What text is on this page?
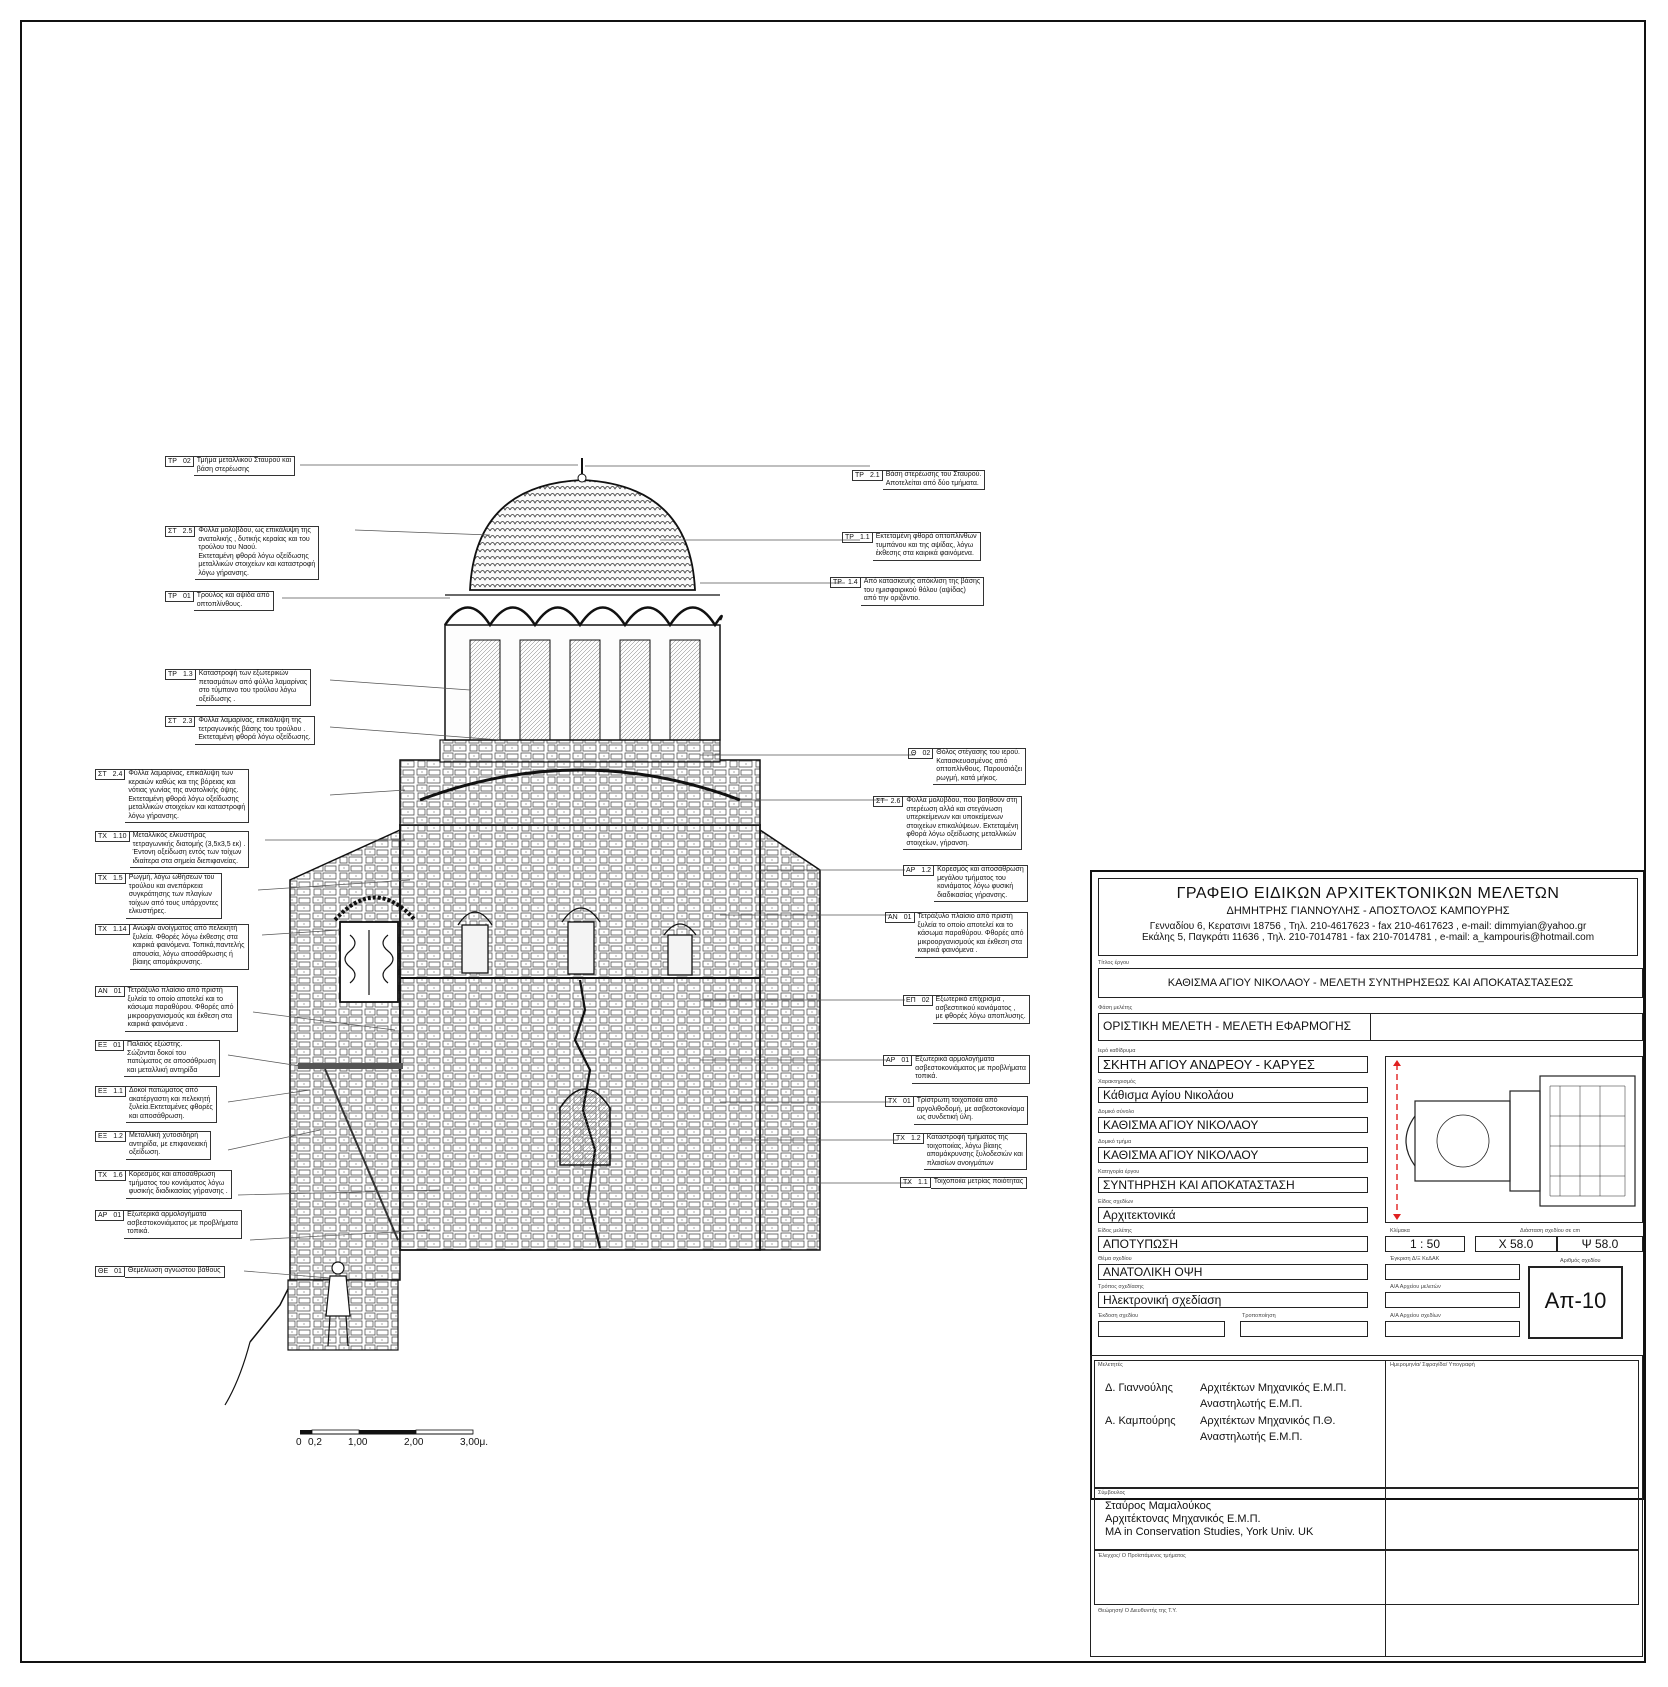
0 0,2	1,00	2,00	3,00μ.
ΤΡ 02 Τμήμα μεταλλικού Σταυρού και
βάση στερέωσης
ΣΤ 2.5 Φύλλα μολύβδου, ως επικάλυψη της
ανατολικής , δυτικής κεραίας και του
τρούλου του Ναού.
Εκτεταμένη φθορά λόγω οξείδωσης
μεταλλικών στοιχείων και καταστροφή
λόγω γήρανσης.
ΤΡ 01 Τρούλος και αψίδα από
οπτοπλίνθους.
ΤΡ 1.3 Καταστροφή των εξωτερικών
πετασμάτων από φύλλα λαμαρίνας
στο τύμπανο του τρούλου λόγω
οξείδωσης .
ΣΤ 2.3 Φύλλα λαμαρίνας, επικάλυψη της
τετραγωνικής βάσης του τρούλου .
Εκτεταμένη φθορά λόγω οξείδωσης.
ΣΤ 2.4 Φύλλα λαμαρίνας, επικάλυψη των
κεραιών καθώς και της βόρειας και
νότιας γωνίας της ανατολικής όψης.
Εκτεταμένη φθορά λόγω οξείδωσης
μεταλλικών στοιχείων και καταστροφή
λόγω γήρανσης.
ΤΧ 1.10 Μεταλλικός ελκυστήρας
τετραγωνικής διατομής (3,5x3,5 εκ) .
Έντονη οξείδωση εντός των τοίχων
ιδιαίτερα στα σημεία διεπιφανείας.
ΤΧ 1.5 Ρωγμή, λόγω ωθήσεων του
τρούλου και ανεπάρκεια
συγκράτησης των πλαγίων
τοίχων από τους υπάρχοντες
ελκυστήρες.
ΤΧ 1.14 Ανώφλι ανοίγματος από πελεκητή
ξυλεία. Φθορές λόγω έκθεσης στα
καιρικά φαινόμενα. Τοπικά,παντελής
απουσία, λόγω αποσάθρωσης ή
βίαιης απομάκρυνσης.
ΑΝ 01 Τετράξυλο πλαίσιο από πριστή
ξυλεία το οποίο αποτελεί και το
κάσωμα παραθύρου. Φθορές από
μικροοργανισμούς και έκθεση στα
καιρικά φαινόμενα .
ΕΞ 01 Παλαιός εξώστης.
Σώζονται δοκοί του
πατώματος σε αποσάθρωση
και μεταλλική αντηρίδα
ΕΞ 1.1 Δοκοί πατώματος από
ακατέργαστη και πελεκητή
ξυλεία.Εκτεταμένες φθορές
και αποσάθρωση.
ΕΞ 1.2 Μεταλλική χυτοσιδηρή
αντηρίδα, με επιφανειακή
οξείδωση.
ΤΧ 1.6 Κορεσμός και αποσάθρωση
τμήματος του κονιάματος λόγω
φυσικής διαδικασίας γήρανσης .
ΑΡ 01 Εξωτερικά αρμολογήματα
ασβεστοκονιάματος με προβλήματα
τοπικά.
ΘΕ 01 Θεμελίωση αγνώστου βάθους
ΤΡ 2.1 Βάση στερέωσης του Σταυρού.
Αποτελείται από δύο τμήματα.
ΤΡ 1.1 Εκτεταμένη φθορά οπτοπλίνθων
τυμπάνου και της αψίδας, λόγω
έκθεσης στα καιρικά φαινόμενα.
ΤΡ 1.4 Από κατασκευής απόκλιση της βάσης
του ημισφαιρικού θόλου (αψίδας)
από την οριζόντιο.
Θ 02 Θόλος στέγασης του ιερού.
Κατασκευασμένος από
οπτοπλίνθους. Παρουσιάζει
ρωγμή, κατά μήκος.
ΣΤ 2.6 Φύλλα μολύβδου, που βοηθούν στη
στερέωση αλλά και στεγάνωση
υπερκείμενων και υποκείμενων
στοιχείων επικαλύψεων. Εκτεταμένη
φθορά λόγω οξείδωσης μεταλλικών
στοιχείων, γήρανση.
ΑΡ 1.2 Κορεσμός και αποσάθρωση
μεγάλου τμήματος του
κονιάματος λόγω φυσική
διαδικασίας γήρανσης.
ΑΝ 01 Τετράξυλο πλαίσιο από πριστή
ξυλεία το οποίο αποτελεί και το
κάσωμα παραθύρου. Φθορές από
μικροοργανισμούς και έκθεση στα
καιρικά φαινόμενα .
ΕΠ 02 Εξωτερικό επίχρισμα ,
ασβεστιτικού κονιάματος ,
με φθορές λόγω αποπλυσης.
ΑΡ 01 Εξωτερικά αρμολογήματα
ασβεστοκονιάματος με προβλήματα
τοπικά.
ΤΧ 01 Τρίστρωτη τοιχοποιία από
αργολιθοδομή, με ασβεστοκονίαμα
ως συνδετική ύλη.
ΤΧ 1.2 Καταστροφή τμήματος της
τοιχοποιίας, λόγω βίαιης
απομάκρυνσης ξυλοδεσιών και
πλαισίων ανοιγμάτων
ΤΧ 1.1 Τοιχοποιία μετρίας ποιότητας
ΓΡΑΦΕΙΟ ΕΙΔΙΚΩΝ ΑΡΧΙΤΕΚΤΟΝΙΚΩΝ ΜΕΛΕΤΩΝ
ΔΗΜΗΤΡΗΣ ΓΙΑΝΝΟΥΛΗΣ - ΑΠΟΣΤΟΛΟΣ ΚΑΜΠΟΥΡΗΣ
Γενναδίου 6, Κερατσινι 18756 , Τηλ. 210-4617623 - fax 210-4617623 , e-mail: dimmyian@yahoo.gr
Εκάλης 5, Παγκράτι 11636 , Τηλ. 210-7014781 - fax 210-7014781 , e-mail: a_kampouris@hotmail.com
Τίτλος έργου
ΚΑΘΙΣΜΑ ΑΓΙΟΥ ΝΙΚΟΛΑΟΥ - ΜΕΛΕΤΗ ΣΥΝΤΗΡΗΣΕΩΣ ΚΑΙ ΑΠΟΚΑΤΑΣΤΑΣΕΩΣ
Φάση μελέτης
ΟΡΙΣΤΙΚΗ ΜΕΛΕΤΗ - ΜΕΛΕΤΗ ΕΦΑΡΜΟΓΗΣ
Ιερό καθίδρυμα
ΣΚΗΤΗ ΑΓΙΟΥ ΑΝΔΡΕΟΥ - ΚΑΡΥΕΣ
Χαρακτηρισμός
Κάθισμα Αγίου Νικολάου
Δομικό σύνολο
ΚΑΘΙΣΜΑ ΑΓΙΟΥ ΝΙΚΟΛΑΟΥ
Δομικό τμήμα
ΚΑΘΙΣΜΑ ΑΓΙΟΥ ΝΙΚΟΛΑΟΥ
Κατηγορία έργου
ΣΥΝΤΗΡΗΣΗ ΚΑΙ ΑΠΟΚΑΤΑΣΤΑΣΗ
Είδος σχεδίων
Αρχιτεκτονικά
Είδος μελέτης
ΑΠΟΤΥΠΩΣΗ
Κλίμακα
1 : 50
Διάσταση σχεδίου σε cm
Χ 58.0	Ψ 58.0
Θέμα σχεδίου
ΑΝΑΤΟΛΙΚΗ ΟΨΗ
Έγκριση Δ/Ξ ΚεΔΑΚ
Τρόπος σχεδίασης
Ηλεκτρονική σχεδίαση
Α/Α Αρχείου μελετών
Αριθμός σχεδίου
Απ-10
Έκδοση σχεδίου	Τροποποίηση	Α/Α Αρχείου σχεδίων
Μελετητές	Ημερομηνία/ Σφραγίδα/ Υπογραφή
Δ. Γιαννούλης Αρχιτέκτων Μηχανικός Ε.Μ.Π.
Αναστηλωτής Ε.Μ.Π.
Α. Καμπούρης Αρχιτέκτων Μηχανικός Π.Θ.
Αναστηλωτής Ε.Μ.Π.
Σύμβουλος
Σταύρος Μαμαλούκος
Αρχιτέκτονας Μηχανικός Ε.Μ.Π.
MA in Conservation Studies, York Univ. UK
Έλεγχος/ Ο Προϊστάμενος τμήματος
Θεώρηση/ Ο Διευθυντής της Τ.Υ.
